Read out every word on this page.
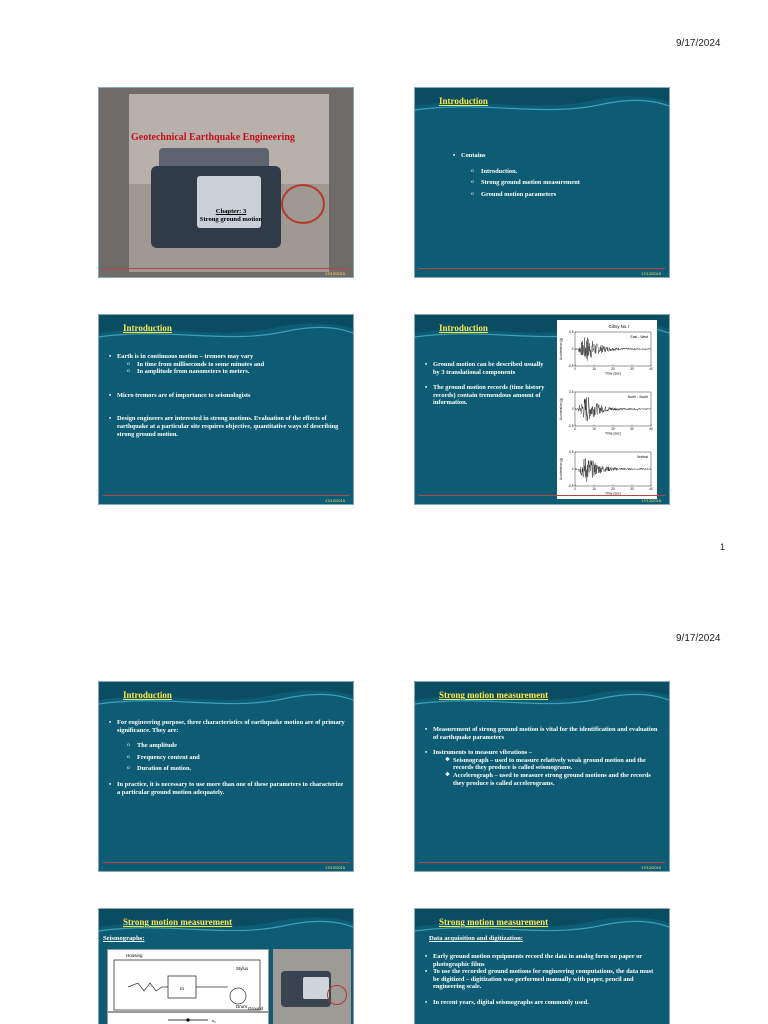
9/17/2024
Geotechnical Earthquake Engineering
Chapter: 3
Strong ground motion
17/12/2015
Introduction
• Contains
o Introduction.
o Strong ground motion measurement
o Ground motion parameters
17/12/2015
Introduction
• Earth is in continuous motion – tremors may vary
o In time from milliseconds to some minutes and
o In amplitude from nanometers to meters.
• Micro tremors are of importance to seismologists
• Design engineers are interested in strong motions. Evaluation of the effects of earthquake at a particular site requires objective, quantitative ways of describing strong ground motion.
17/12/2015
Introduction
• Ground motion can be described usually by 3 translational components
• The ground motion records (time history records) contain tremendous amount of information.
Gilroy No. I
0.5
0
-0.5
0	10	20	30	40
Time (sec)
Acceleration (g)
East - West
0.5
0
-0.5
0	10	20	30	40
Time (sec)
Acceleration (g)
North - South
0.5
0
-0.5
0	10	20	30	40
Time (sec)
Acceleration (g)
Vertical
17/12/2015
1
9/17/2024
Introduction
• For engineering purpose, three characteristics of earthquake motion are of primary significance. They are:
o The amplitude
o Frequency content and
o Duration of motion.
• In practice, it is necessary to use more than one of these parameters to characterize a particular ground motion adequately.
17/12/2015
Strong motion measurement
• Measurement of strong ground motion is vital for the identification and evaluation of earthquake parameters
• Instruments to measure vibrations –
❖ Seismograph – used to measure relatively weak ground motion and the records they produce is called seismograms.
❖ Accelerograph – used to measure strong ground motions and the records they produce is called accelerograms.
17/12/2015
Strong motion measurement
Seismographs:
m
Stylus
Drum
Housing
Ground
u₀
Strong motion measurement
Data acquisition and digitization:
• Early ground motion equipments record the data in analog form on paper or photographic films
• To use the recorded ground motions for engineering computations, the data must be digitized – digitization was performed manually with paper, pencil and engineering scale.
• In recent years, digital seismographs are commonly used.
